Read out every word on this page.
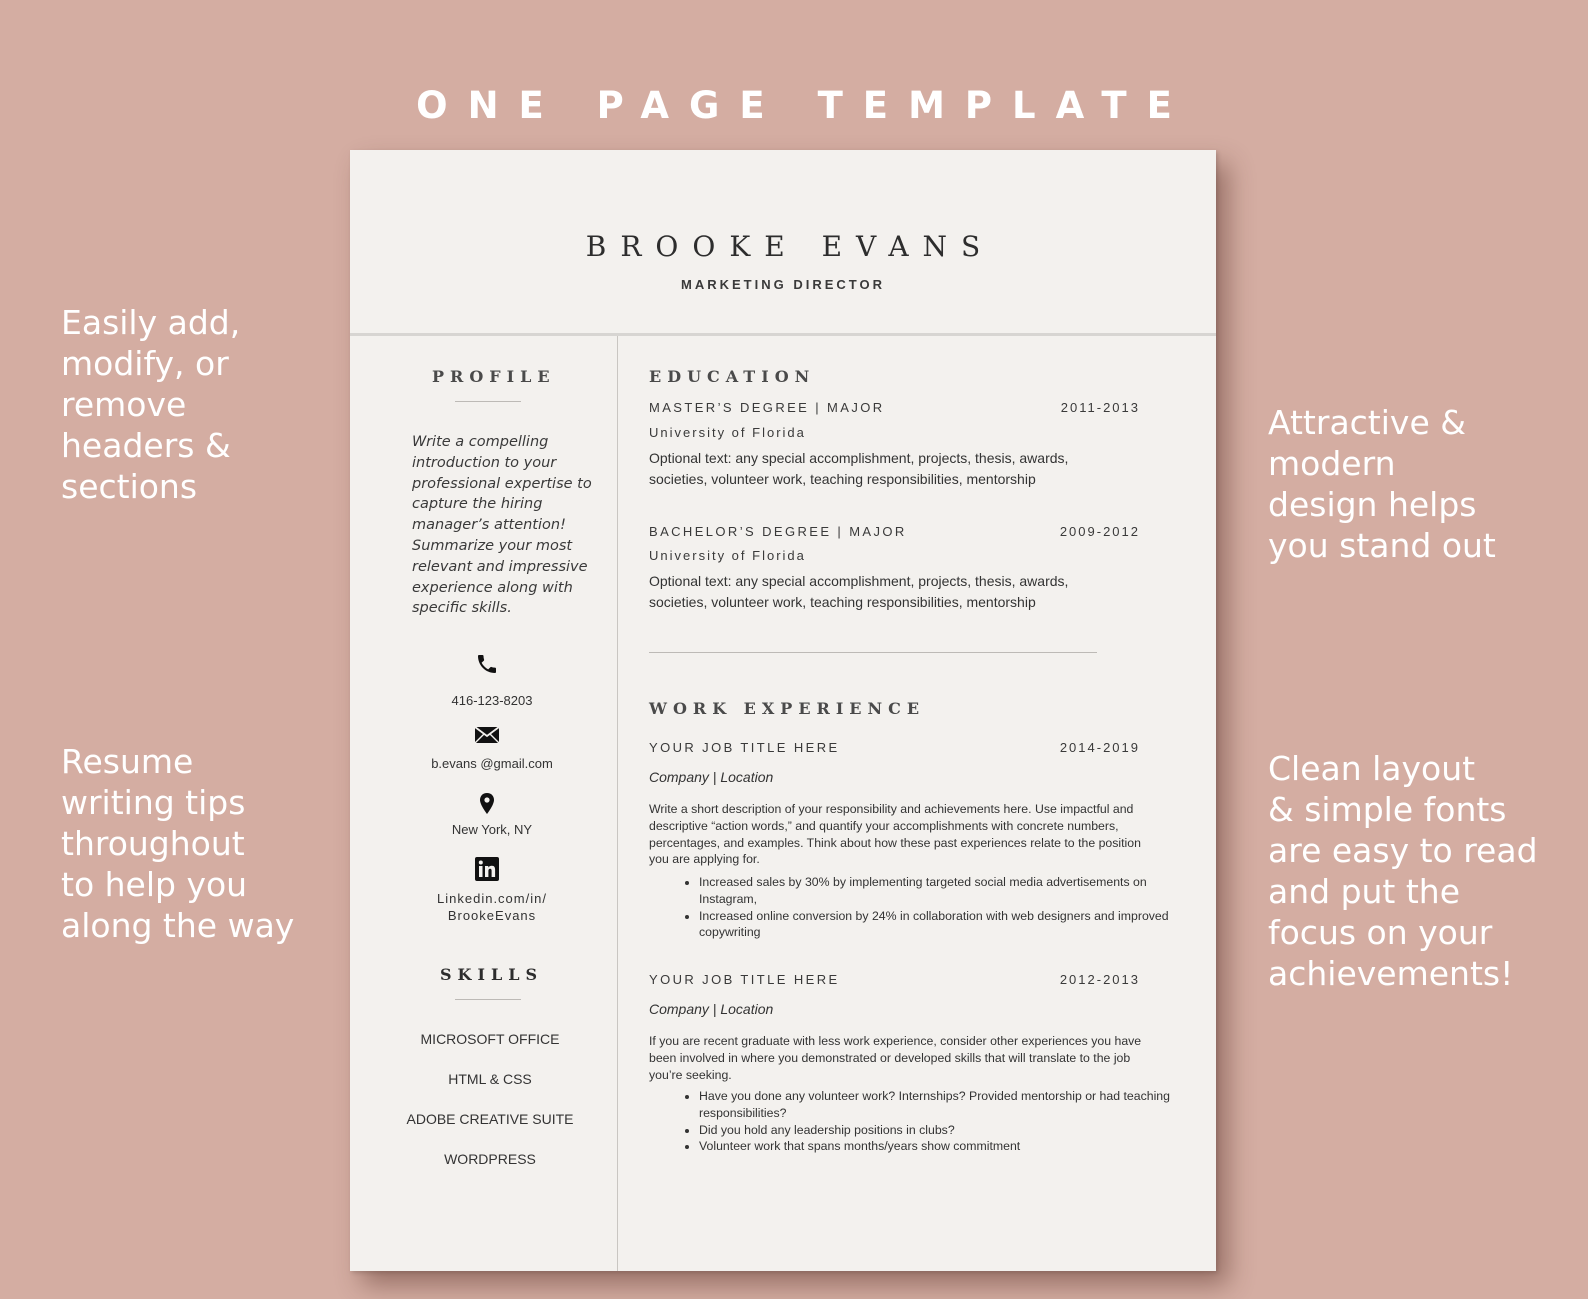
ONE PAGE TEMPLATE
Easily add,
modify, or
remove
headers &
sections
Resume
writing tips
throughout
to help you
along the way
Attractive &
modern
design helps
you stand out
Clean layout
& simple fonts
are easy to read
and put the
focus on your
achievements!
BROOKE EVANS
MARKETING DIRECTOR
PROFILE
Write a compelling introduction to your professional expertise to capture the hiring manager’s attention! Summarize your most relevant and impressive experience along with specific skills.
416-123-8203
b.evans @gmail.com
New York, NY
Linkedin.com/in/
BrookeEvans
SKILLS
MICROSOFT OFFICE
HTML & CSS
ADOBE CREATIVE SUITE
WORDPRESS
EDUCATION
MASTER’S DEGREE | MAJOR	2011-2013
University of Florida
Optional text: any special accomplishment, projects, thesis, awards, societies, volunteer work, teaching responsibilities, mentorship
BACHELOR’S DEGREE | MAJOR	2009-2012
University of Florida
Optional text: any special accomplishment, projects, thesis, awards, societies, volunteer work, teaching responsibilities, mentorship
WORK EXPERIENCE
YOUR JOB TITLE HERE	2014-2019
Company | Location
Write a short description of your responsibility and achievements here. Use impactful and descriptive “action words,” and quantify your accomplishments with concrete numbers, percentages, and examples. Think about how these past experiences relate to the position you are applying for.
• Increased sales by 30% by implementing targeted social media advertisements on Instagram,
• Increased online conversion by 24% in collaboration with web designers and improved copywriting
YOUR JOB TITLE HERE	2012-2013
Company | Location
If you are recent graduate with less work experience, consider other experiences you have been involved in where you demonstrated or developed skills that will translate to the job you’re seeking.
• Have you done any volunteer work? Internships? Provided mentorship or had teaching responsibilities?
• Did you hold any leadership positions in clubs?
• Volunteer work that spans months/years show commitment
